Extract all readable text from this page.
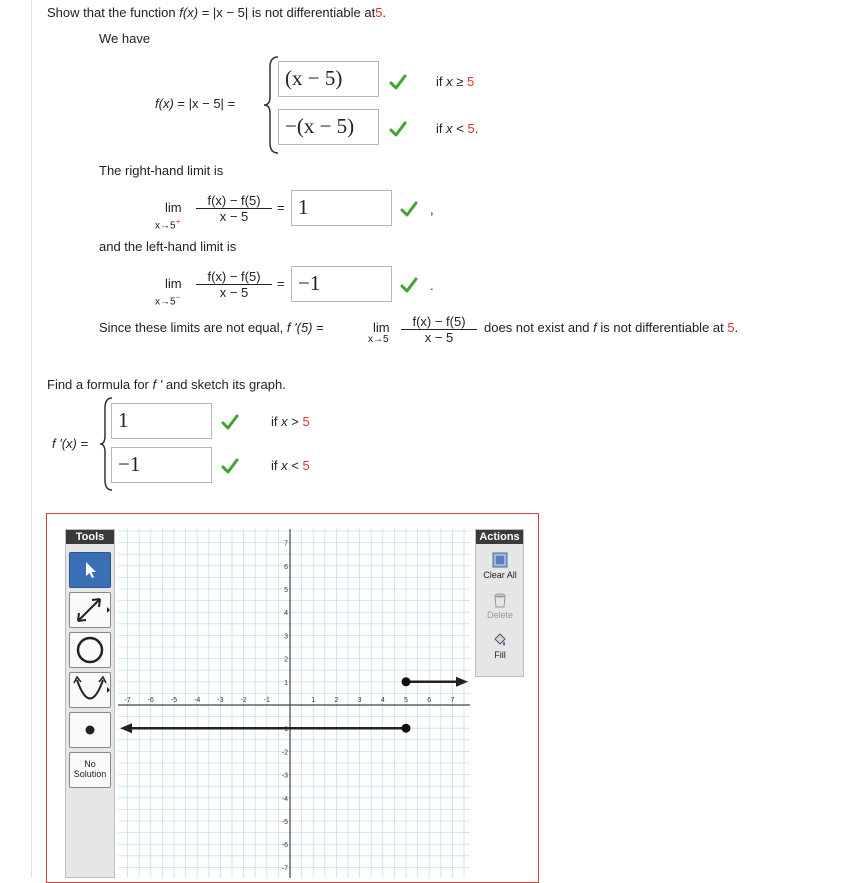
Show that the function f(x) = |x − 5| is not differentiable at5.
We have
f(x) = |x − 5| =
(x − 5)	if x ≥ 5
−(x − 5)	if x < 5.
The right-hand limit is
lim
$x\to 5^+ \frac{f(x) - f(5)}{x - 5} = 1$	,
and the left-hand limit is
lim
$x\to 5^- \frac{f(x) - f(5)}{x - 5} = -1$	.
Since these limits are not equal, f '(5) =	lim
$x\to 5 \frac{f(x) - f(5)}{x - 5}$ does not exist and f is not differentiable at 5.
Find a formula for f ' and sketch its graph.
f '(x) =
1	if x > 5
−1	if x < 5
Tools
No
Solution
-7 -6 -5 -4 -3 -2 -1	1	2	3	4	5	6	7
7
6
5
4
3
2
1
-1
-2
-3
-4
-5
-6
-7
Actions
Clear All
Delete
Fill
